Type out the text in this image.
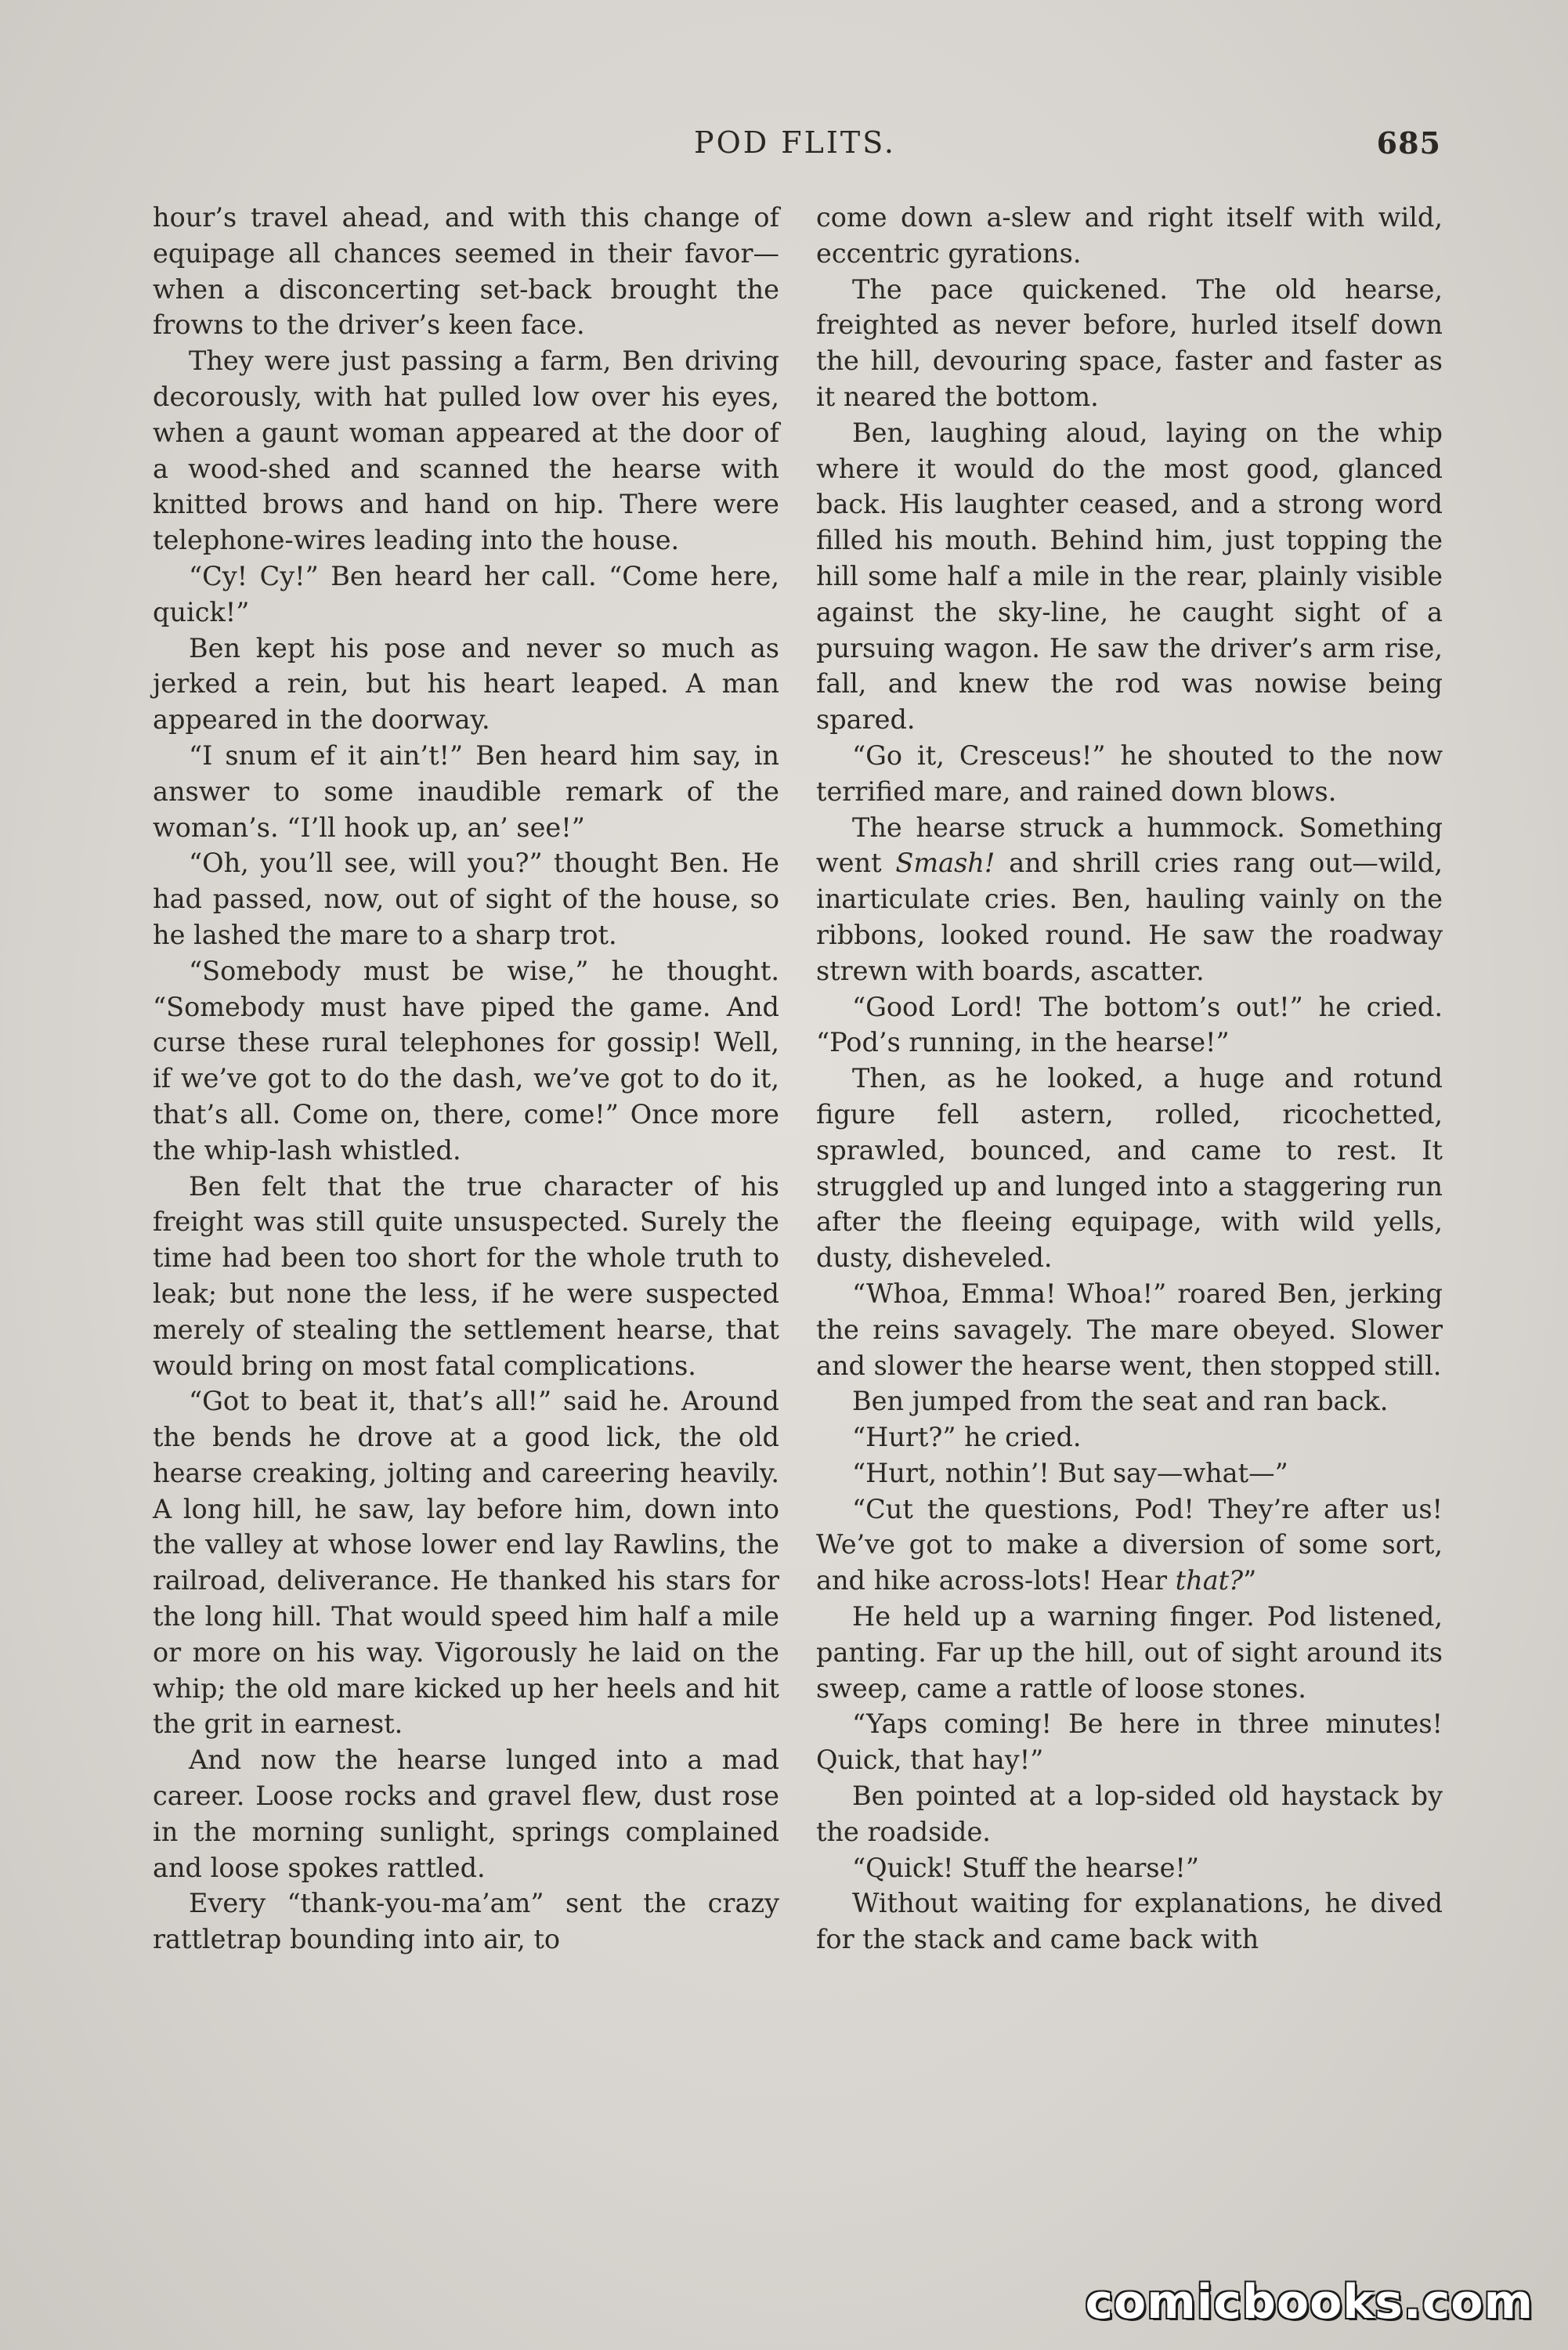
POD FLITS.	685

hour’s travel ahead, and with this change of equipage all chances seemed in their favor—when a disconcerting set-back brought the frowns to the driver’s keen face.

They were just passing a farm, Ben driving decorously, with hat pulled low over his eyes, when a gaunt woman appeared at the door of a wood-shed and scanned the hearse with knitted brows and hand on hip. There were telephone-wires leading into the house.

“Cy! Cy!” Ben heard her call. “Come here, quick!”

Ben kept his pose and never so much as jerked a rein, but his heart leaped. A man appeared in the doorway.

“I snum ef it ain’t!” Ben heard him say, in answer to some inaudible remark of the woman’s. “I’ll hook up, an’ see!”

“Oh, you’ll see, will you?” thought Ben. He had passed, now, out of sight of the house, so he lashed the mare to a sharp trot.

“Somebody must be wise,” he thought. “Somebody must have piped the game. And curse these rural telephones for gossip! Well, if we’ve got to do the dash, we’ve got to do it, that’s all. Come on, there, come!” Once more the whip-lash whistled.

Ben felt that the true character of his freight was still quite unsuspected. Surely the time had been too short for the whole truth to leak; but none the less, if he were suspected merely of stealing the settlement hearse, that would bring on most fatal complications.

“Got to beat it, that’s all!” said he. Around the bends he drove at a good lick, the old hearse creaking, jolting and careering heavily. A long hill, he saw, lay before him, down into the valley at whose lower end lay Rawlins, the railroad, deliverance. He thanked his stars for the long hill. That would speed him half a mile or more on his way. Vigorously he laid on the whip; the old mare kicked up her heels and hit the grit in earnest.

And now the hearse lunged into a mad career. Loose rocks and gravel flew, dust rose in the morning sunlight, springs complained and loose spokes rattled.

Every “thank-you-ma’am” sent the crazy rattletrap bounding into air, to

come down a-slew and right itself with wild, eccentric gyrations.

The pace quickened. The old hearse, freighted as never before, hurled itself down the hill, devouring space, faster and faster as it neared the bottom.

Ben, laughing aloud, laying on the whip where it would do the most good, glanced back. His laughter ceased, and a strong word filled his mouth. Behind him, just topping the hill some half a mile in the rear, plainly visible against the sky-line, he caught sight of a pursuing wagon. He saw the driver’s arm rise, fall, and knew the rod was nowise being spared.

“Go it, Cresceus!” he shouted to the now terrified mare, and rained down blows.

The hearse struck a hummock. Something went Smash! and shrill cries rang out—wild, inarticulate cries. Ben, hauling vainly on the ribbons, looked round. He saw the roadway strewn with boards, ascatter.

“Good Lord! The bottom’s out!” he cried. “Pod’s running, in the hearse!”

Then, as he looked, a huge and rotund figure fell astern, rolled, ricochetted, sprawled, bounced, and came to rest. It struggled up and lunged into a staggering run after the fleeing equipage, with wild yells, dusty, disheveled.

“Whoa, Emma! Whoa!” roared Ben, jerking the reins savagely. The mare obeyed. Slower and slower the hearse went, then stopped still.

Ben jumped from the seat and ran back.

“Hurt?” he cried.

“Hurt, nothin’! But say—what—”

“Cut the questions, Pod! They’re after us! We’ve got to make a diversion of some sort, and hike across-lots! Hear that?”

He held up a warning finger. Pod listened, panting. Far up the hill, out of sight around its sweep, came a rattle of loose stones.

“Yaps coming! Be here in three minutes! Quick, that hay!”

Ben pointed at a lop-sided old haystack by the roadside.

“Quick! Stuff the hearse!”

Without waiting for explanations, he dived for the stack and came back with

comicbooks.com
